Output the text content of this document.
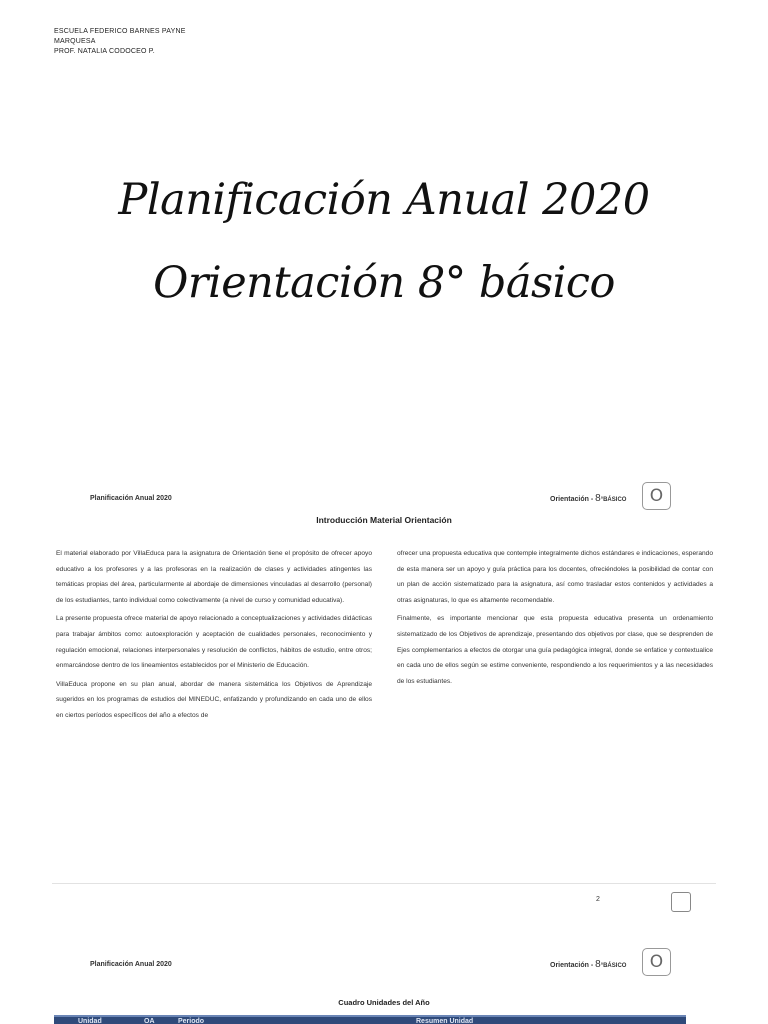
ESCUELA FEDERICO BARNES PAYNE
MARQUESA
PROF. NATALIA CODOCEO P.
Planificación Anual 2020
Orientación 8° básico
Planificación Anual 2020	Orientación - 8°BÁSICO	O
Introducción Material Orientación

El material elaborado por VillaEduca para la asignatura de Orientación tiene el propósito de ofrecer apoyo educativo a los profesores y a las profesoras en la realización de clases y actividades atingentes las temáticas propias del área, particularmente al abordaje de dimensiones vinculadas al desarrollo (personal) de los estudiantes, tanto individual como colectivamente (a nivel de curso y comunidad educativa).

La presente propuesta ofrece material de apoyo relacionado a conceptualizaciones y actividades didácticas para trabajar ámbitos como: autoexploración y aceptación de cualidades personales, reconocimiento y regulación emocional, relaciones interpersonales y resolución de conflictos, hábitos de estudio, entre otros; enmarcándose dentro de los lineamientos establecidos por el Ministerio de Educación.

VillaEduca propone en su plan anual, abordar de manera sistemática los Objetivos de Aprendizaje sugeridos en los programas de estudios del MINEDUC, enfatizando y profundizando en cada uno de ellos en ciertos períodos específicos del año a efectos de

ofrecer una propuesta educativa que contemple integralmente dichos estándares e indicaciones, esperando de esta manera ser un apoyo y guía práctica para los docentes, ofreciéndoles la posibilidad de contar con un plan de acción sistematizado para la asignatura, así como trasladar estos contenidos y actividades a otras asignaturas, lo que es altamente recomendable.

Finalmente, es importante mencionar que esta propuesta educativa presenta un ordenamiento sistematizado de los Objetivos de aprendizaje, presentando dos objetivos por clase, que se desprenden de Ejes complementarios a efectos de otorgar una guía pedagógica integral, donde se enfatice y contextualice en cada uno de ellos según se estime conveniente, respondiendo a los requerimientos y a las necesidades de los estudiantes.

2
Planificación Anual 2020	Orientación - 8°BÁSICO	O
Cuadro Unidades del Año
Unidad	OA	Periodo	Resumen Unidad
